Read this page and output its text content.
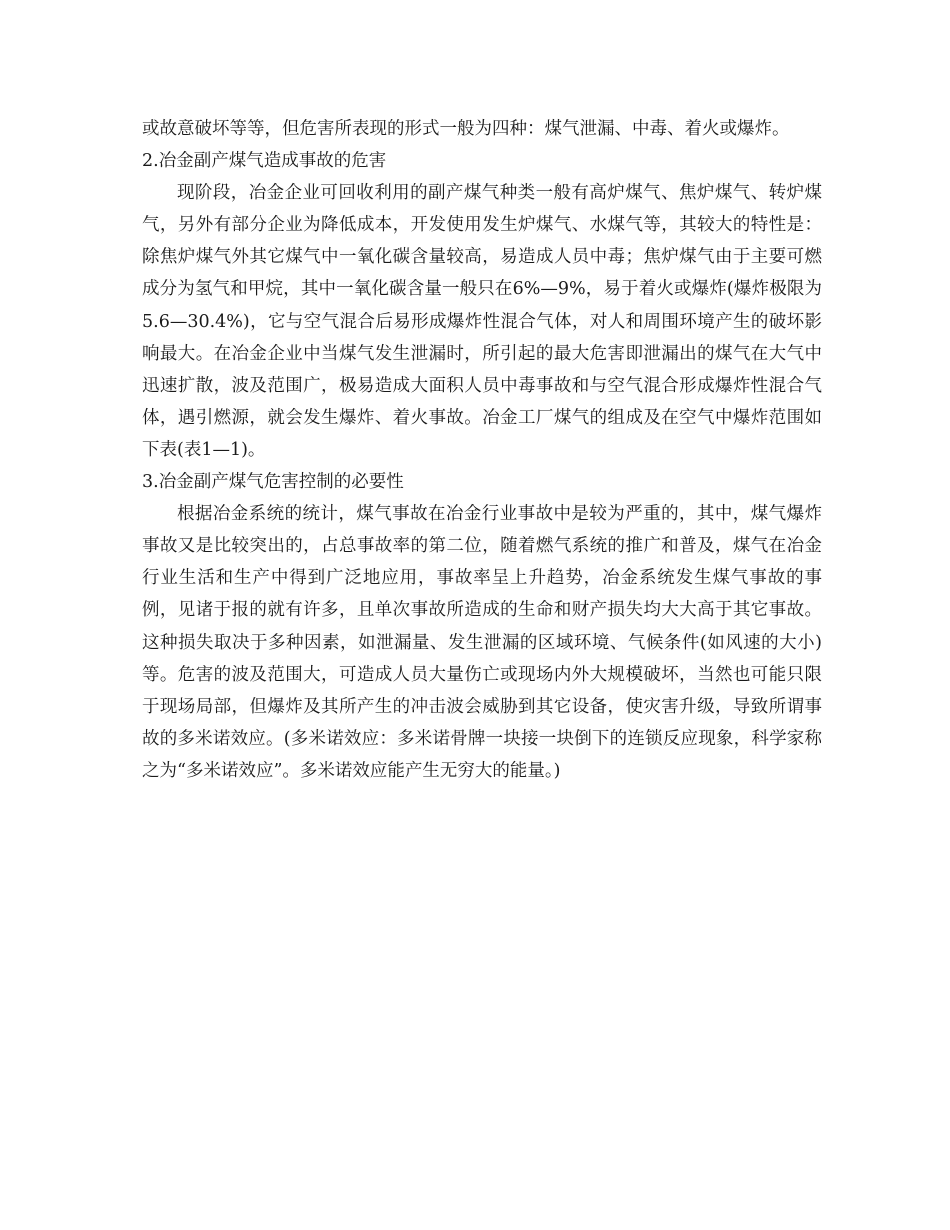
或故意破坏等等，但危害所表现的形式一般为四种：煤气泄漏、中毒、着火或爆炸。

2.冶金副产煤气造成事故的危害

现阶段，冶金企业可回收利用的副产煤气种类一般有高炉煤气、焦炉煤气、转炉煤气，另外有部分企业为降低成本，开发使用发生炉煤气、水煤气等，其较大的特性是：除焦炉煤气外其它煤气中一氧化碳含量较高，易造成人员中毒；焦炉煤气由于主要可燃成分为氢气和甲烷，其中一氧化碳含量一般只在6%—9%，易于着火或爆炸(爆炸极限为5.6—30.4%)，它与空气混合后易形成爆炸性混合气体，对人和周围环境产生的破坏影响最大。在冶金企业中当煤气发生泄漏时，所引起的最大危害即泄漏出的煤气在大气中迅速扩散，波及范围广，极易造成大面积人员中毒事故和与空气混合形成爆炸性混合气体，遇引燃源，就会发生爆炸、着火事故。冶金工厂煤气的组成及在空气中爆炸范围如下表(表1—1)。

3.冶金副产煤气危害控制的必要性

根据冶金系统的统计，煤气事故在冶金行业事故中是较为严重的，其中，煤气爆炸事故又是比较突出的，占总事故率的第二位，随着燃气系统的推广和普及，煤气在冶金行业生活和生产中得到广泛地应用，事故率呈上升趋势，冶金系统发生煤气事故的事例，见诸于报的就有许多，且单次事故所造成的生命和财产损失均大大高于其它事故。这种损失取决于多种因素，如泄漏量、发生泄漏的区域环境、气候条件(如风速的大小)等。危害的波及范围大，可造成人员大量伤亡或现场内外大规模破坏，当然也可能只限于现场局部，但爆炸及其所产生的冲击波会威胁到其它设备，使灾害升级，导致所谓事故的多米诺效应。(多米诺效应：多米诺骨牌一块接一块倒下的连锁反应现象，科学家称之为“多米诺效应”。多米诺效应能产生无穷大的能量。)
